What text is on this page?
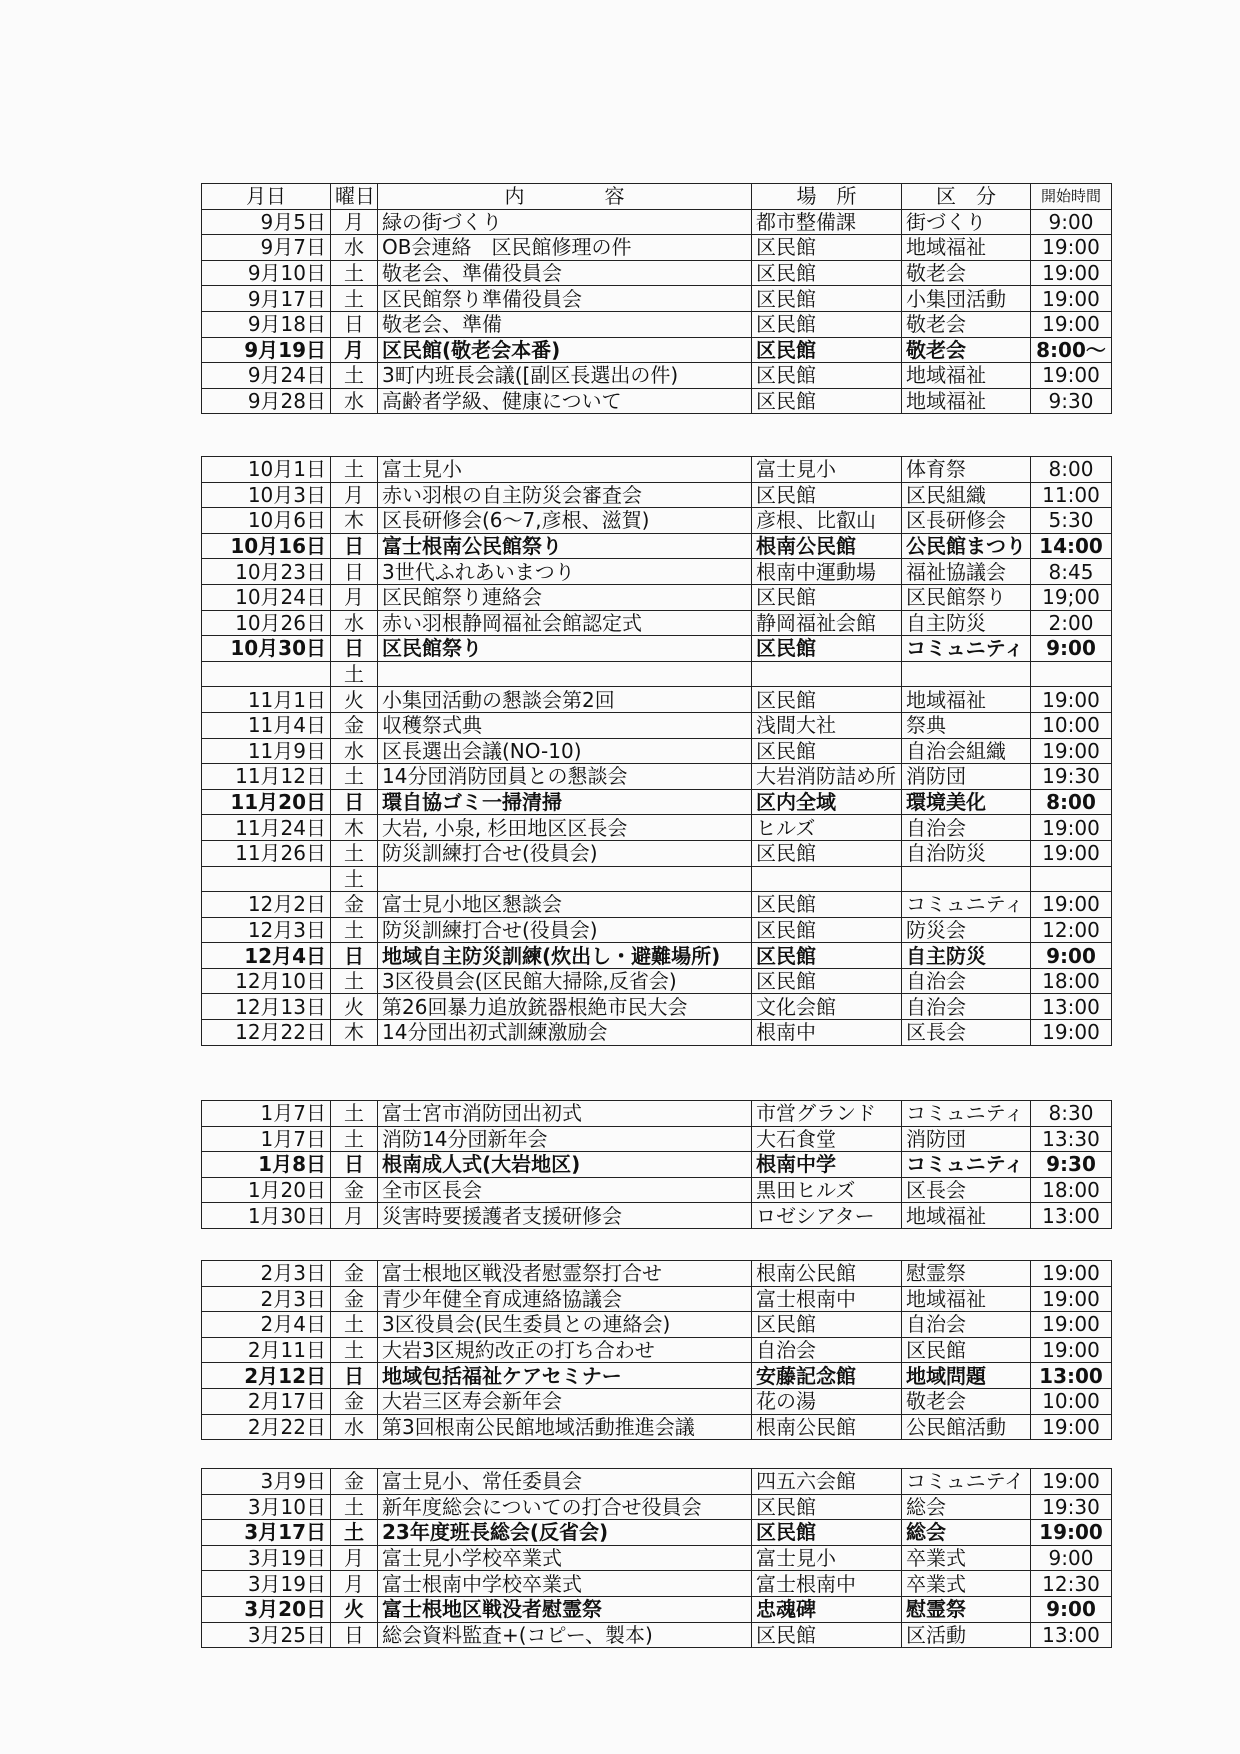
月日	曜日	内　　　　容	場　所	区　分	開始時間
9月5日	月	緑の街づくり	都市整備課	街づくり	9:00
9月7日	水	OB会連絡　区民館修理の件	区民館	地域福祉	19:00
9月10日	土	敬老会、準備役員会	区民館	敬老会	19:00
9月17日	土	区民館祭り準備役員会	区民館	小集団活動	19:00
9月18日	日	敬老会、準備	区民館	敬老会	19:00
9月19日	月	区民館(敬老会本番)	区民館	敬老会	8:00～
9月24日	土	3町内班長会議([副区長選出の件)	区民館	地域福祉	19:00
9月28日	水	高齢者学級、健康について	区民館	地域福祉	9:30
10月1日	土	富士見小	富士見小	体育祭	8:00
10月3日	月	赤い羽根の自主防災会審査会	区民館	区民組織	11:00
10月6日	木	区長研修会(6～7,彦根、滋賀)	彦根、比叡山	区長研修会	5:30
10月16日	日	富士根南公民館祭り	根南公民館	公民館まつり	14:00
10月23日	日	3世代ふれあいまつり	根南中運動場	福祉協議会	8:45
10月24日	月	区民館祭り連絡会	区民館	区民館祭り	19;00
10月26日	水	赤い羽根静岡福祉会館認定式	静岡福祉会館	自主防災	2:00
10月30日	日	区民館祭り	区民館	コミュニティ	9:00
	土				
11月1日	火	小集団活動の懇談会第2回	区民館	地域福祉	19:00
11月4日	金	収穫祭式典	浅間大社	祭典	10:00
11月9日	水	区長選出会議(NO-10)	区民館	自治会組織	19:00
11月12日	土	14分団消防団員との懇談会	大岩消防詰め所	消防団	19:30
11月20日	日	環自協ゴミ一掃清掃	区内全域	環境美化	8:00
11月24日	木	大岩, 小泉, 杉田地区区長会	ヒルズ	自治会	19:00
11月26日	土	防災訓練打合せ(役員会)	区民館	自治防災	19:00
	土				
12月2日	金	富士見小地区懇談会	区民館	コミュニティ	19:00
12月3日	土	防災訓練打合せ(役員会)	区民館	防災会	12:00
12月4日	日	地域自主防災訓練(炊出し・避難場所)	区民館	自主防災	9:00
12月10日	土	3区役員会(区民館大掃除,反省会)	区民館	自治会	18:00
12月13日	火	第26回暴力追放銃器根絶市民大会	文化会館	自治会	13:00
12月22日	木	14分団出初式訓練激励会	根南中	区長会	19:00
1月7日	土	富士宮市消防団出初式	市営グランド	コミュニティ	8:30
1月7日	土	消防14分団新年会	大石食堂	消防団	13:30
1月8日	日	根南成人式(大岩地区)	根南中学	コミュニティ	9:30
1月20日	金	全市区長会	黒田ヒルズ	区長会	18:00
1月30日	月	災害時要援護者支援研修会	ロゼシアター	地域福祉	13:00
2月3日	金	富士根地区戦没者慰霊祭打合せ	根南公民館	慰霊祭	19:00
2月3日	金	青少年健全育成連絡協議会	富士根南中	地域福祉	19:00
2月4日	土	3区役員会(民生委員との連絡会)	区民館	自治会	19:00
2月11日	土	大岩3区規約改正の打ち合わせ	自治会	区民館	19:00
2月12日	日	地域包括福祉ケアセミナー	安藤記念館	地域問題	13:00
2月17日	金	大岩三区寿会新年会	花の湯	敬老会	10:00
2月22日	水	第3回根南公民館地域活動推進会議	根南公民館	公民館活動	19:00
3月9日	金	富士見小、常任委員会	四五六会館	コミュニテイ	19:00
3月10日	土	新年度総会についての打合せ役員会	区民館	総会	19:30
3月17日	土	23年度班長総会(反省会)	区民館	総会	19:00
3月19日	月	富士見小学校卒業式	富士見小	卒業式	9:00
3月19日	月	富士根南中学校卒業式	富士根南中	卒業式	12:30
3月20日	火	富士根地区戦没者慰霊祭	忠魂碑	慰霊祭	9:00
3月25日	日	総会資料監査+(コピー、製本)	区民館	区活動	13:00
